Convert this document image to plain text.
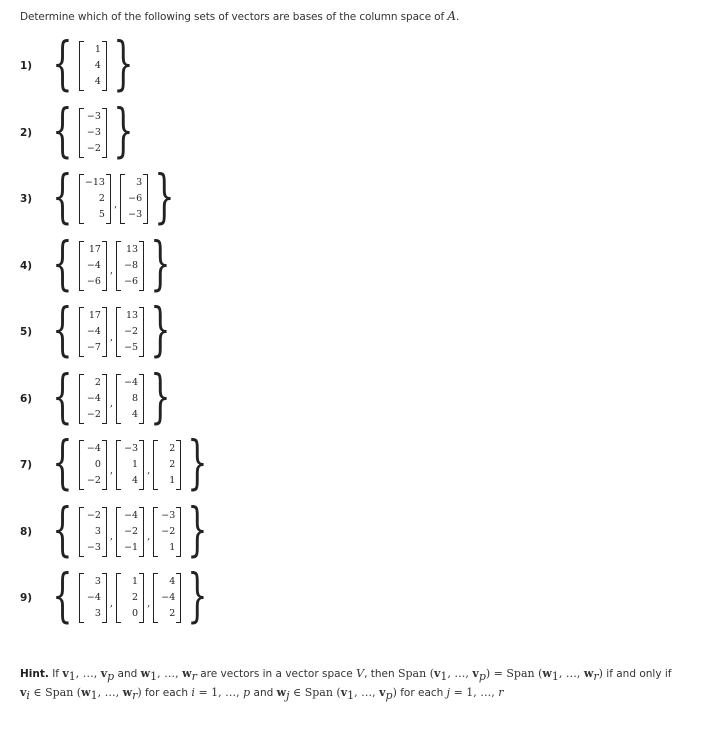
Determine which of the following sets of vectors are bases of the column space of A.
1) {	1
4
4 }
2) { −3
−3
−2 }
3) { −13
2
5
,
3
−6
−3 }
4) {	17
−4
−6
,
13
−8
−6 }
5) {	17
−4
−7
,
13
−2
−5 }
6) {	2
−4
−2
,
−4
8
4 }
7) { −4
0
−2
,
−3
1
4
,
2
2
1 }
8) { −2
3
−3
,
−4
−2
−1
,
−3
−2
1 }
9) {	3
−4
3
,
1
2
0
,
4
−4
2 }
Hint. If $v_1$, …, $v_p$ and $w_1$, …, $w_r$ are vectors in a vector space V, then Span ($v_1$, …, $v_p$) = Span ($w_1$, …, $w_r$) if and only if
$v_i$ ∈ Span ($w_1$, …, $w_r$) for each i = 1, …, p and $w_j$ ∈ Span ($v_1$, …, $v_p$) for each j = 1, …, r
